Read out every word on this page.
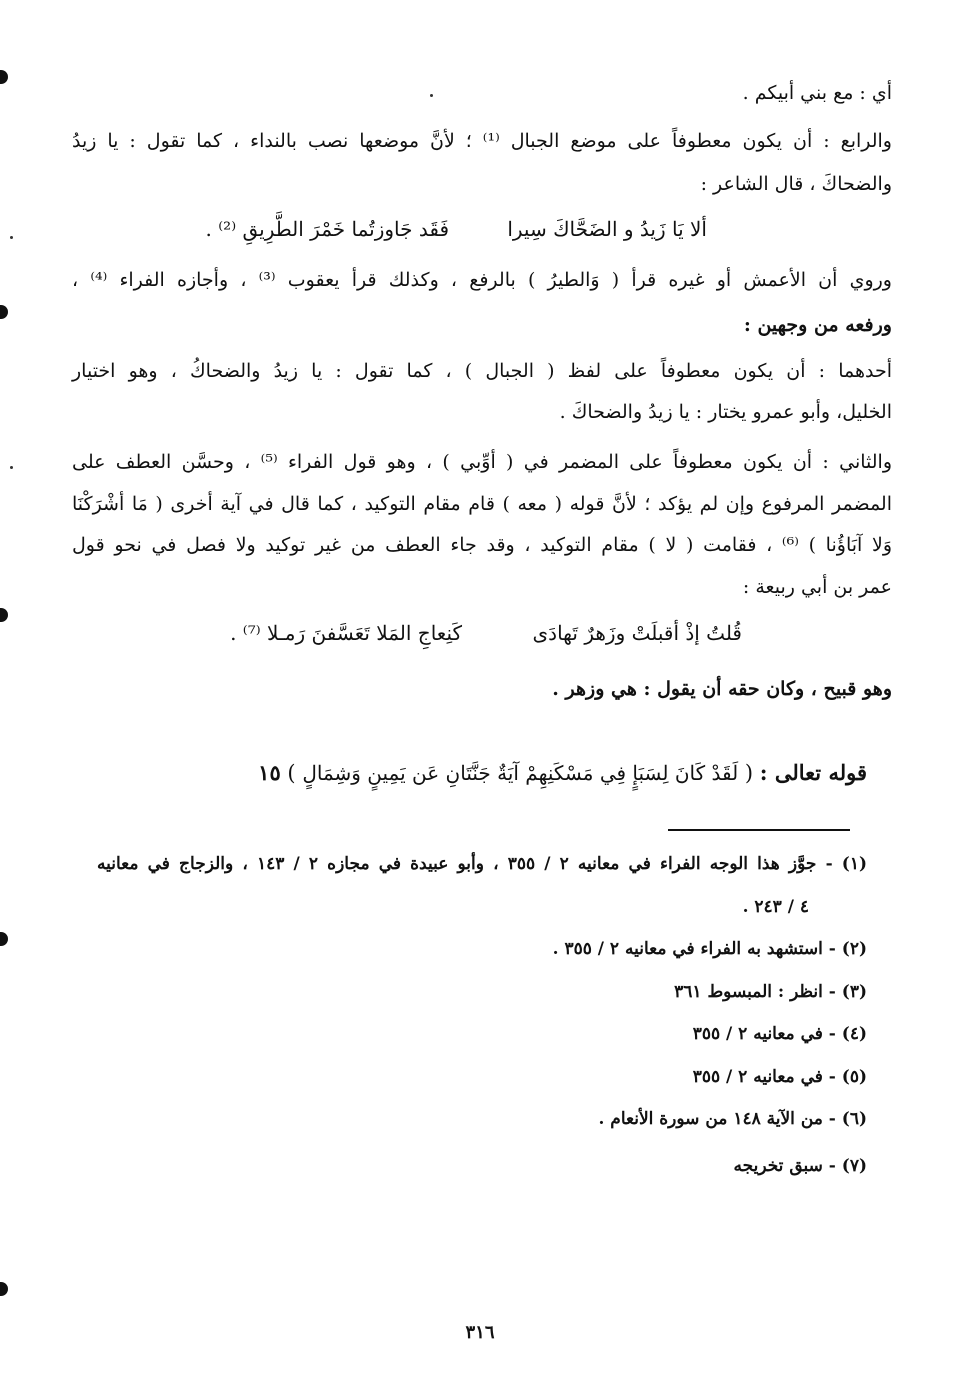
أي : مع بني أبيكم .
والرابع : أن يكون معطوفاً على موضع الجبال ⁽¹⁾ ؛ لأنَّ موضعها نصب بالنداء ، كما تقول : يا زيدُ
والضحاكَ ، قال الشاعر :
ألا يَا زَيدُ و الضَحَّاكَ سِيرا
فَقَد جَاوزتُما خَمْرَ الطَّرِيقِ ⁽²⁾ .
وروي أن الأعمش أو غيره قرأ ( وَالطيرُ ) بالرفع ، وكذلك قرأ يعقوب ⁽³⁾ ، وأجازه الفراء ⁽⁴⁾ ،
ورفعه من وجهين :
أحدهما : أن يكون معطوفاً على لفظ ( الجبال ) ، كما تقول : يا زيدُ والضحاكُ ، وهو اختيار
الخليل، وأبو عمرو يختار : يا زيدُ والضحاكَ .
والثاني : أن يكون معطوفاً على المضمر في ( أوِّبي ) ، وهو قول الفراء ⁽⁵⁾ ، وحسَّن العطف على
المضمر المرفوع وإن لم يؤكد ؛ لأنَّ قوله ( معه ) قام مقام التوكيد ، كما قال في آية أخرى ( مَا أشْرَكْنَا
وَلا آبَاؤُنا ) ⁽⁶⁾ ، فقامت ( لا ) مقام التوكيد ، وقد جاء العطف من غير توكيد ولا فصل في نحو قول
عمر بن أبي ربيعة :
قُلتُ إذْ أقبلَتْ وزَهرٌ تَهادَى
كَنِعاجِ المَلا تَعَسَّفنَ رَمـلا ⁽⁷⁾ .
وهو قبيح ، وكان حقه أن يقول : هي وزهر .
قوله تعالى : ( لَقَدْ كَانَ لِسَبَإٍ فِي مَسْكَنِهِمْ آيَةٌ جَنَّتَانِ عَن يَمِينٍ وَشِمَالٍ ) ١٥
(١) - جوَّز هذا الوجه الفراء في معانيه ٢ / ٣٥٥ ، وأبو عبيدة في مجازه ٢ / ١٤٣ ، والزجاج في معانيه
٤ / ٢٤٣ .
(٢) - استشهد به الفراء في معانيه ٢ / ٣٥٥ .
(٣) - انظر : المبسوط ٣٦١
(٤) - في معانيه ٢ / ٣٥٥
(٥) - في معانيه ٢ / ٣٥٥
(٦) - من الآية ١٤٨ من سورة الأنعام .
(٧) - سبق تخريجه
٣١٦
